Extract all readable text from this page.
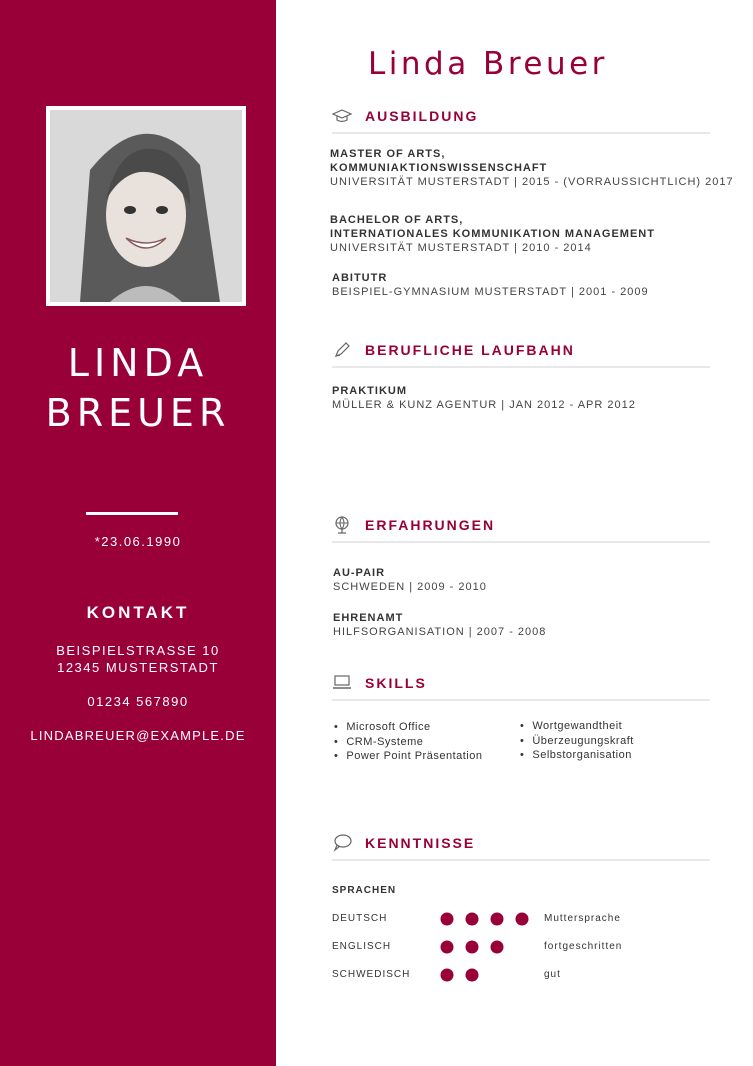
LINDA
BREUER
*23.06.1990
KONTAKT
BEISPIELSTRASSE 10
12345 MUSTERSTADT
01234 567890
LINDABREUER@EXAMPLE.DE
Linda Breuer
AUSBILDUNG
MASTER OF ARTS,
KOMMUNIAKTIONSWISSENSCHAFT
UNIVERSITÄT MUSTERSTADT | 2015 - (VORRAUSSICHTLICH) 2017
BACHELOR OF ARTS,
INTERNATIONALES KOMMUNIKATION MANAGEMENT
UNIVERSITÄT MUSTERSTADT | 2010 - 2014
ABITUTR
BEISPIEL-GYMNASIUM MUSTERSTADT | 2001 - 2009
BERUFLICHE LAUFBAHN
PRAKTIKUM
MÜLLER & KUNZ AGENTUR | JAN 2012 - APR 2012
ERFAHRUNGEN
AU-PAIR
SCHWEDEN | 2009 - 2010
EHRENAMT
HILFSORGANISATION | 2007 - 2008
SKILLS
• Microsoft Office
• CRM-Systeme
• Power Point Präsentation
• Wortgewandtheit
• Überzeugungskraft
• Selbstorganisation
KENNTNISSE
SPRACHEN
DEUTSCH	Muttersprache
ENGLISCH	fortgeschritten
SCHWEDISCH	gut
